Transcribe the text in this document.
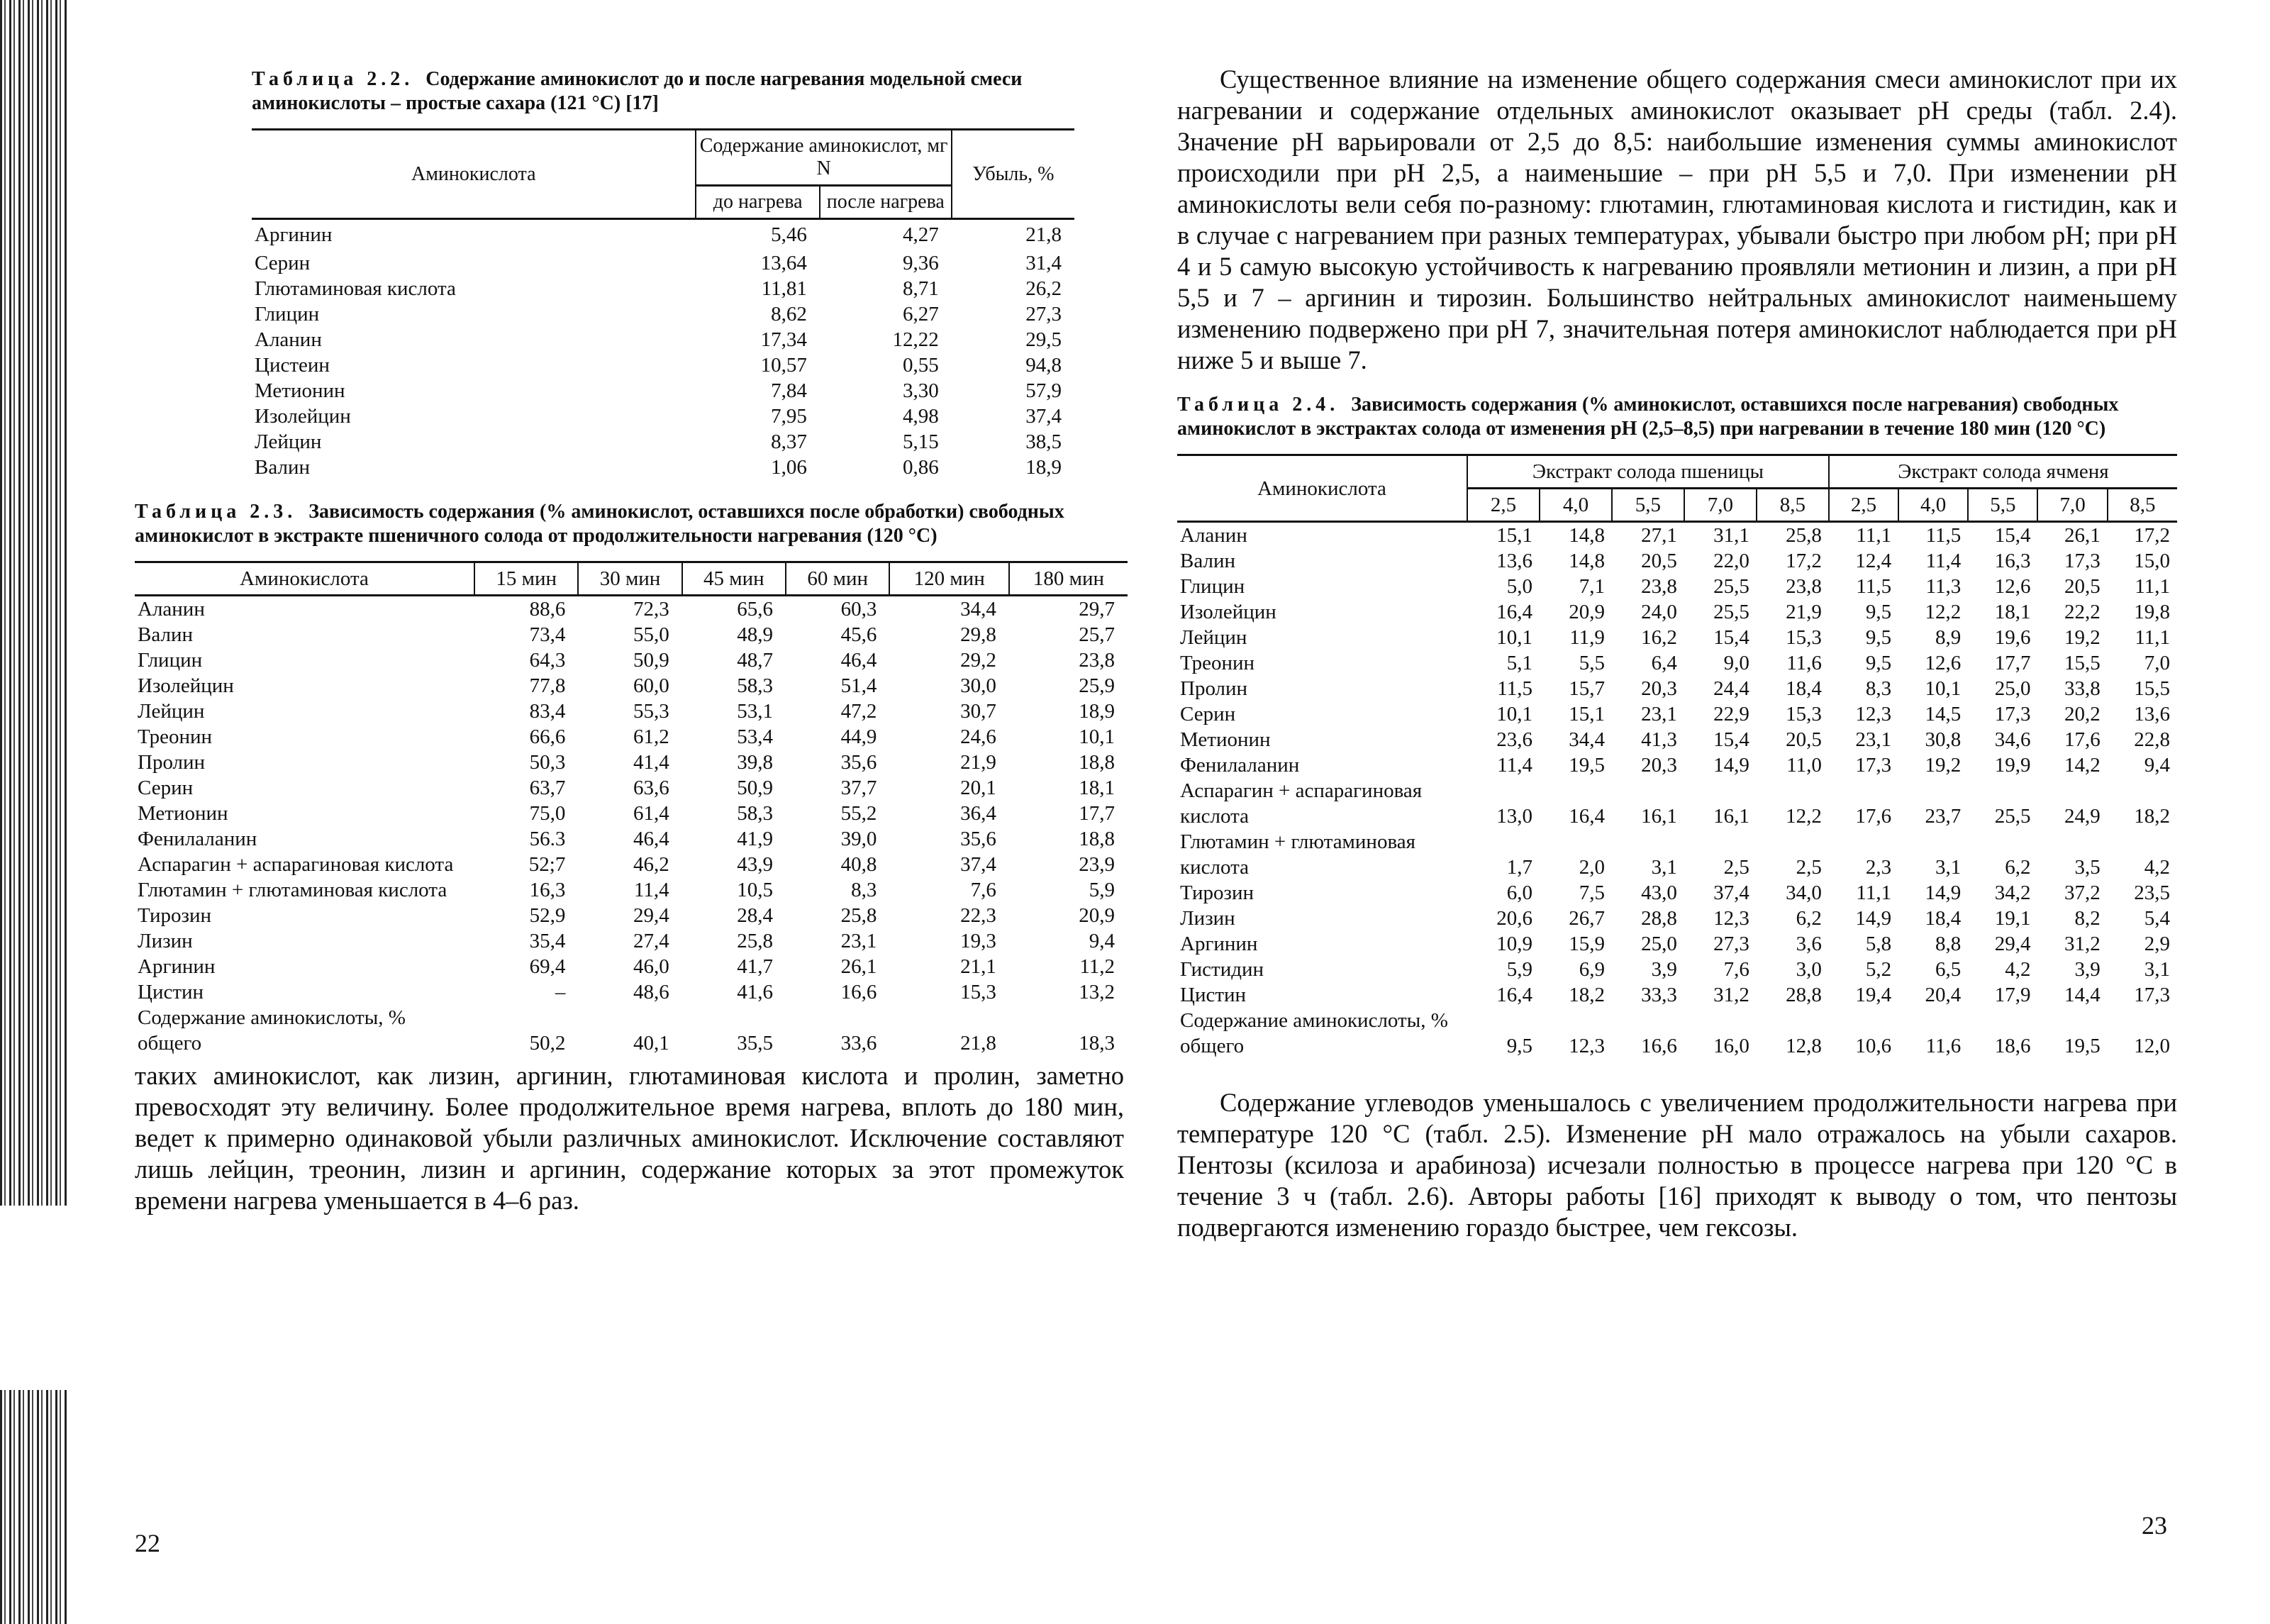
Таблица 2.2. Содержание аминокислот до и после нагревания модельной смеси аминокислоты – простые сахара (121 °C) [17]
Аминокислота	Содержание аминокислот, мг N		Убыль, %
	до нагрева	после нагрева	
Аргинин	5,46	4,27	21,8
Серин	13,64	9,36	31,4
Глютаминовая кислота	11,81	8,71	26,2
Глицин	8,62	6,27	27,3
Аланин	17,34	12,22	29,5
Цистеин	10,57	0,55	94,8
Метионин	7,84	3,30	57,9
Изолейцин	7,95	4,98	37,4
Лейцин	8,37	5,15	38,5
Валин	1,06	0,86	18,9
Таблица 2.3. Зависимость содержания (% аминокислот, оставшихся после обработки) свободных аминокислот в экстракте пшеничного солода от продолжительности нагревания (120 °C)
Аминокислота	15 мин	30 мин	45 мин	60 мин	120 мин	180 мин
Аланин	88,6	72,3	65,6	60,3	34,4	29,7
Валин	73,4	55,0	48,9	45,6	29,8	25,7
Глицин	64,3	50,9	48,7	46,4	29,2	23,8
Изолейцин	77,8	60,0	58,3	51,4	30,0	25,9
Лейцин	83,4	55,3	53,1	47,2	30,7	18,9
Треонин	66,6	61,2	53,4	44,9	24,6	10,1
Пролин	50,3	41,4	39,8	35,6	21,9	18,8
Серин	63,7	63,6	50,9	37,7	20,1	18,1
Метионин	75,0	61,4	58,3	55,2	36,4	17,7
Фенилаланин	56.3	46,4	41,9	39,0	35,6	18,8
Аспарагин + аспарагиновая кислота	52;7	46,2	43,9	40,8	37,4	23,9
Глютамин + глютаминовая кислота	16,3	11,4	10,5	8,3	7,6	5,9
Тирозин	52,9	29,4	28,4	25,8	22,3	20,9
Лизин	35,4	27,4	25,8	23,1	19,3	9,4
Аргинин	69,4	46,0	41,7	26,1	21,1	11,2
Цистин	–	48,6	41,6	16,6	15,3	13,2
Содержание аминокислоты, % общего	50,2	40,1	35,5	33,6	21,8	18,3

таких аминокислот, как лизин, аргинин, глютаминовая кислота и пролин, заметно превосходят эту величину. Более продолжительное время нагрева, вплоть до 180 мин, ведет к примерно одинаковой убыли различных аминокислот. Исключение составляют лишь лейцин, треонин, лизин и аргинин, содержание которых за этот промежуток времени нагрева уменьшается в 4–6 раз.

22

Существенное влияние на изменение общего содержания смеси аминокислот при их нагревании и содержание отдельных аминокислот оказывает pH среды (табл. 2.4). Значение pH варьировали от 2,5 до 8,5: наибольшие изменения суммы аминокислот происходили при pH 2,5, а наименьшие – при pH 5,5 и 7,0. При изменении pH аминокислоты вели себя по-разному: глютамин, глютаминовая кислота и гистидин, как и в случае с нагреванием при разных температурах, убывали быстро при любом pH; при pH 4 и 5 самую высокую устойчивость к нагреванию проявляли метионин и лизин, а при pH 5,5 и 7 – аргинин и тирозин. Большинство нейтральных аминокислот наименьшему изменению подвержено при pH 7, значительная потеря аминокислот наблюдается при pH ниже 5 и выше 7.

Таблица 2.4. Зависимость содержания (% аминокислот, оставшихся после нагревания) свободных аминокислот в экстрактах солода от изменения pH (2,5–8,5) при нагревании в течение 180 мин (120 °C)
Аминокислота	Экстракт солода пшеницы					Экстракт солода ячменя				
	2,5	4,0	5,5	7,0	8,5	2,5	4,0	5,5	7,0	8,5
Аланин	15,1	14,8	27,1	31,1	25,8	11,1	11,5	15,4	26,1	17,2
Валин	13,6	14,8	20,5	22,0	17,2	12,4	11,4	16,3	17,3	15,0
Глицин	5,0	7,1	23,8	25,5	23,8	11,5	11,3	12,6	20,5	11,1
Изолейцин	16,4	20,9	24,0	25,5	21,9	9,5	12,2	18,1	22,2	19,8
Лейцин	10,1	11,9	16,2	15,4	15,3	9,5	8,9	19,6	19,2	11,1
Треонин	5,1	5,5	6,4	9,0	11,6	9,5	12,6	17,7	15,5	7,0
Пролин	11,5	15,7	20,3	24,4	18,4	8,3	10,1	25,0	33,8	15,5
Серин	10,1	15,1	23,1	22,9	15,3	12,3	14,5	17,3	20,2	13,6
Метионин	23,6	34,4	41,3	15,4	20,5	23,1	30,8	34,6	17,6	22,8
Фенилаланин	11,4	19,5	20,3	14,9	11,0	17,3	19,2	19,9	14,2	9,4
Аспарагин + аспарагиновая кислота	13,0	16,4	16,1	16,1	12,2	17,6	23,7	25,5	24,9	18,2
Глютамин + глютаминовая кислота	1,7	2,0	3,1	2,5	2,5	2,3	3,1	6,2	3,5	4,2
Тирозин	6,0	7,5	43,0	37,4	34,0	11,1	14,9	34,2	37,2	23,5
Лизин	20,6	26,7	28,8	12,3	6,2	14,9	18,4	19,1	8,2	5,4
Аргинин	10,9	15,9	25,0	27,3	3,6	5,8	8,8	29,4	31,2	2,9
Гистидин	5,9	6,9	3,9	7,6	3,0	5,2	6,5	4,2	3,9	3,1
Цистин	16,4	18,2	33,3	31,2	28,8	19,4	20,4	17,9	14,4	17,3
Содержание аминокислоты, % общего	9,5	12,3	16,6	16,0	12,8	10,6	11,6	18,6	19,5	12,0

Содержание углеводов уменьшалось с увеличением продолжительности нагрева при температуре 120 °C (табл. 2.5). Изменение pH мало отражалось на убыли сахаров. Пентозы (ксилоза и арабиноза) исчезали полностью в процессе нагрева при 120 °C в течение 3 ч (табл. 2.6). Авторы работы [16] приходят к выводу о том, что пентозы подвергаются изменению гораздо быстрее, чем гексозы.

23
